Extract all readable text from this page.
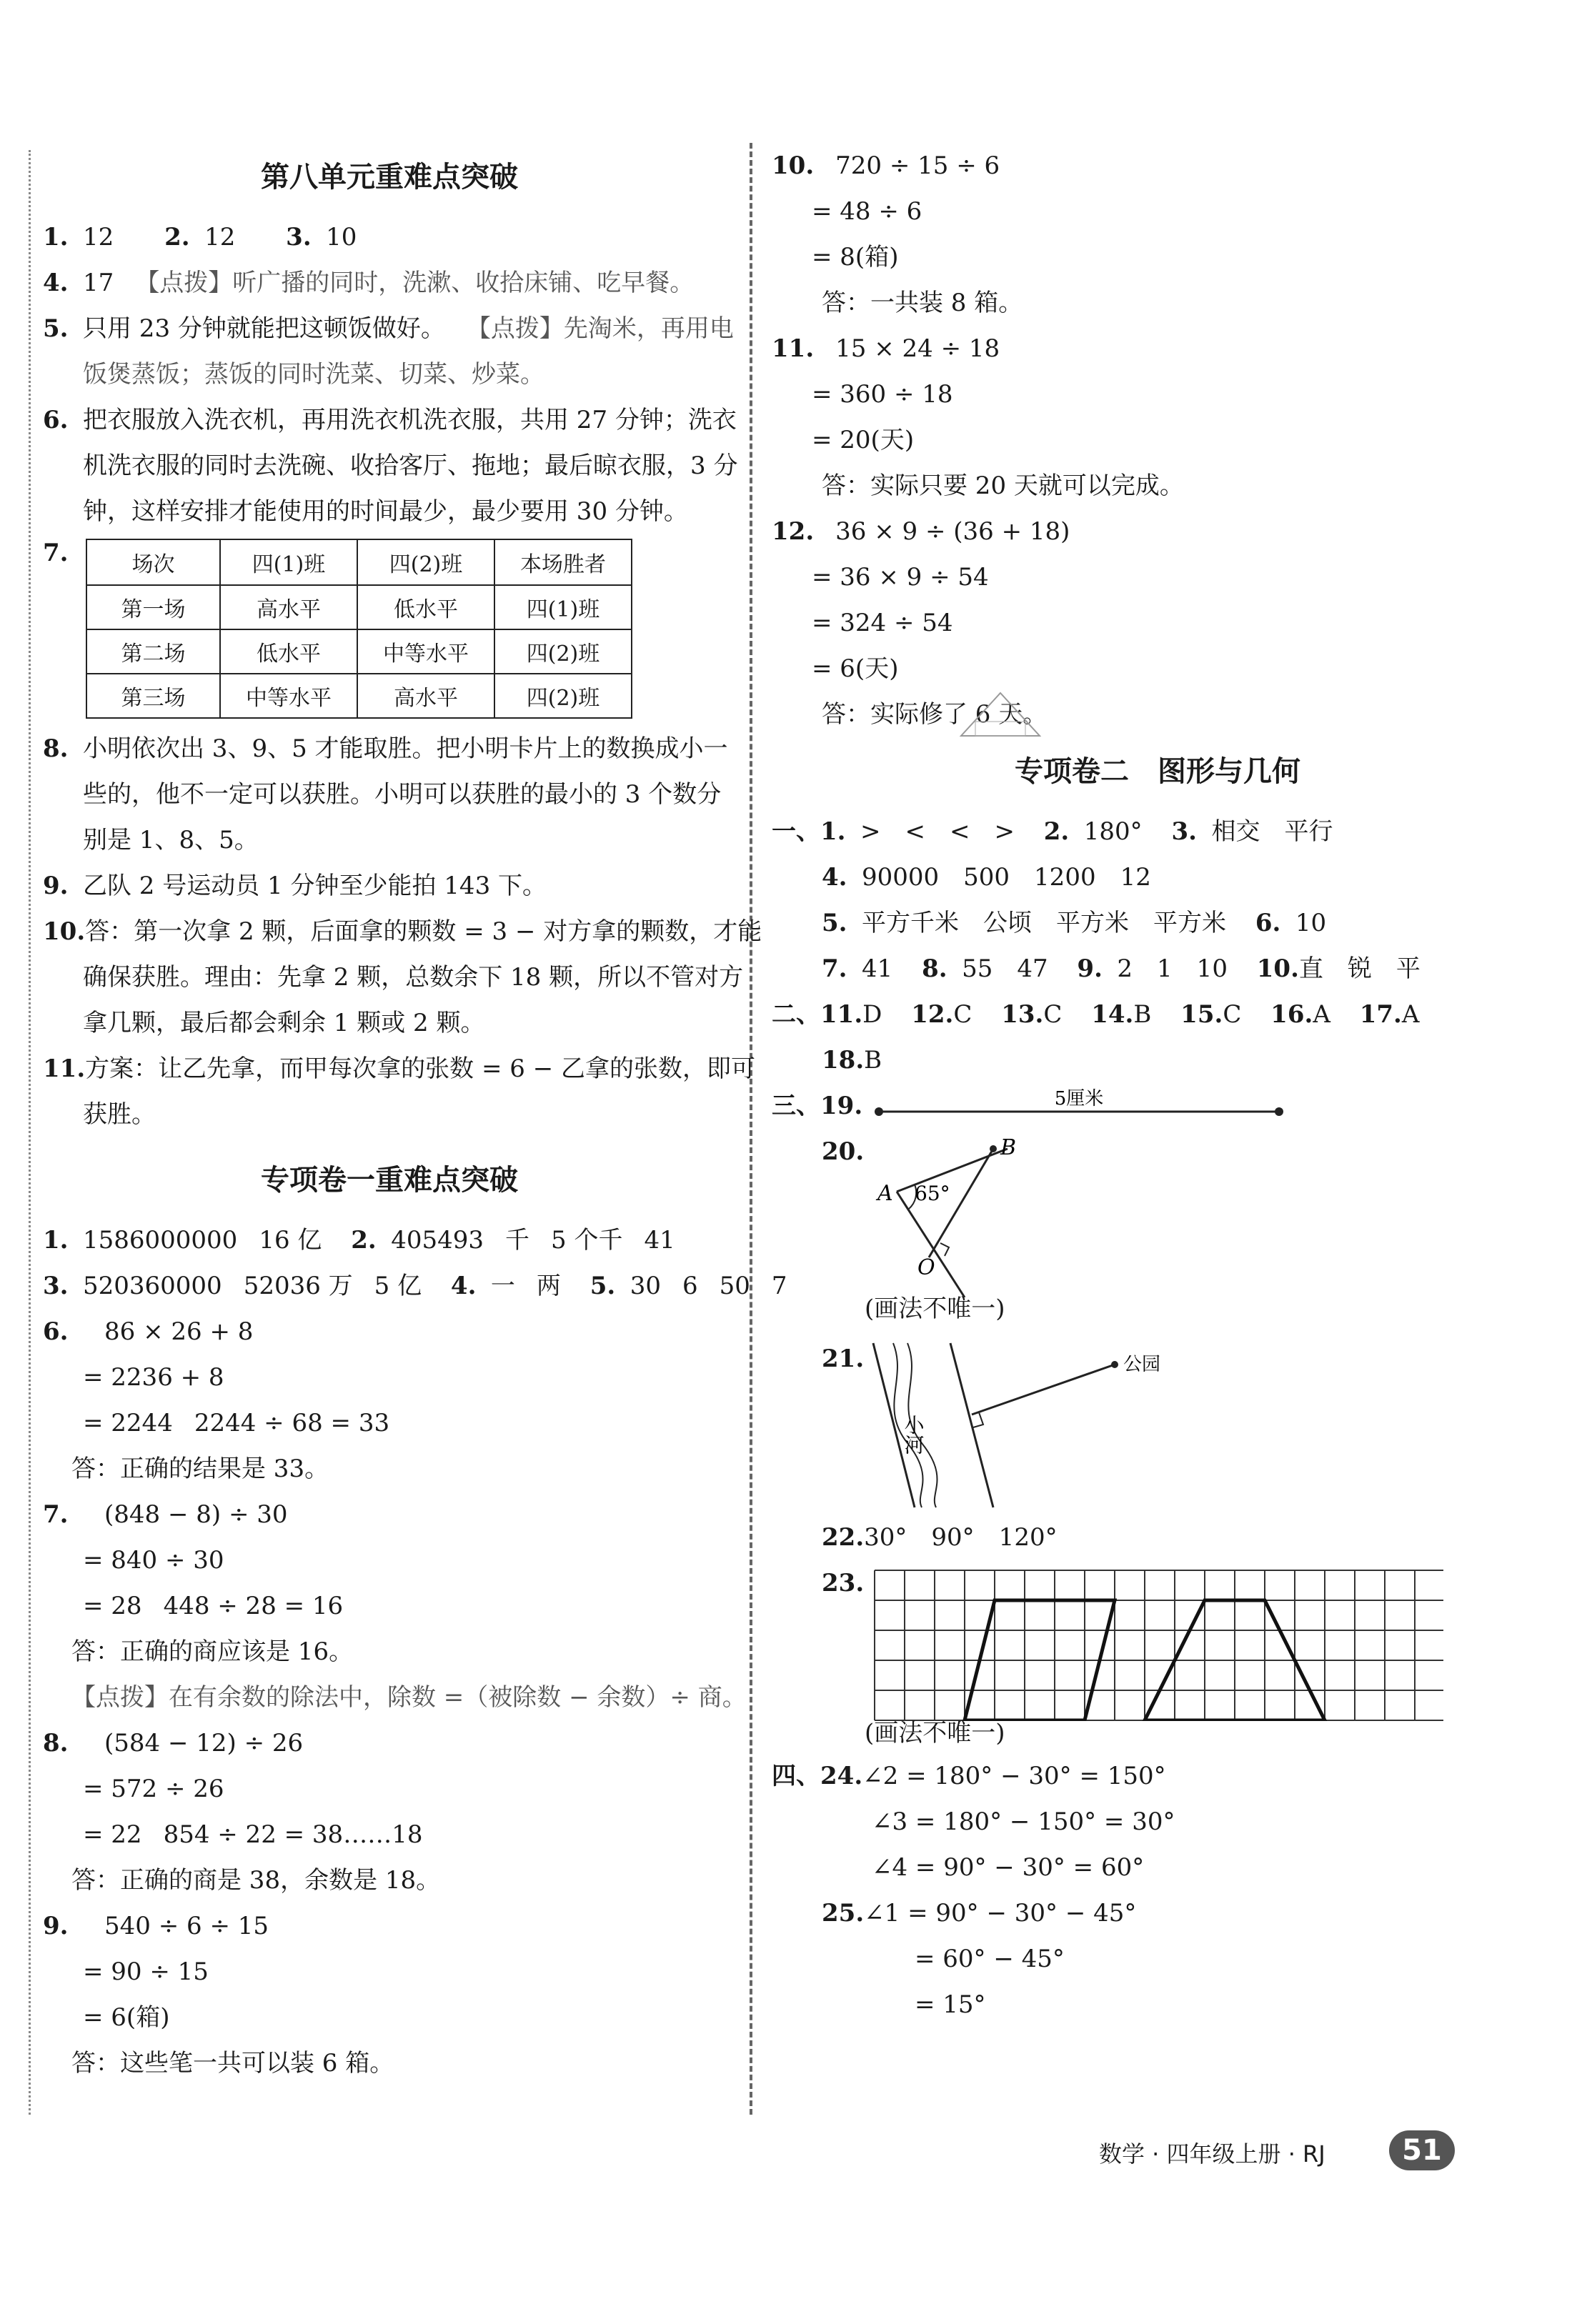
第八单元重难点突破
1. 12 2. 12 3. 10
4. 17 【点拨】听广播的同时，洗漱、收拾床铺、吃早餐。
5. 只用 23 分钟就能把这顿饭做好。 【点拨】先淘米，再用电
饭煲蒸饭；蒸饭的同时洗菜、切菜、炒菜。
6. 把衣服放入洗衣机，再用洗衣机洗衣服，共用 27 分钟；洗衣
机洗衣服的同时去洗碗、收拾客厅、拖地；最后晾衣服，3 分
钟，这样安排才能使用的时间最少，最少要用 30 分钟。
7.	场次	四(1)班	四(2)班	本场胜者
第一场	高水平	低水平	四(1)班
第二场	低水平	中等水平	四(2)班
第三场	中等水平	高水平	四(2)班
8. 小明依次出 3、9、5 才能取胜。把小明卡片上的数换成小一
些的，他不一定可以获胜。小明可以获胜的最小的 3 个数分
别是 1、8、5。
9. 乙队 2 号运动员 1 分钟至少能拍 143 下。
10.答：第一次拿 2 颗，后面拿的颗数 = 3 − 对方拿的颗数，才能
确保获胜。理由：先拿 2 颗，总数余下 18 颗，所以不管对方
拿几颗，最后都会剩余 1 颗或 2 颗。
11.方案：让乙先拿，而甲每次拿的张数 = 6 − 乙拿的张数，即可
获胜。
专项卷一重难点突破
1. 1586000000 16 亿 2. 405493 千 5 个千 41
3. 520360000 52036 万 5 亿 4. 一 两 5. 30 6 50 7
6. 86 × 26 + 8
= 2236 + 8
= 2244 2244 ÷ 68 = 33
答：正确的结果是 33。
7. (848 − 8) ÷ 30
= 840 ÷ 30
= 28 448 ÷ 28 = 16
答：正确的商应该是 16。
【点拨】在有余数的除法中，除数 =（被除数 − 余数）÷ 商。
8. (584 − 12) ÷ 26
= 572 ÷ 26
= 22 854 ÷ 22 = 38……18
答：正确的商是 38，余数是 18。
9. 540 ÷ 6 ÷ 15
= 90 ÷ 15
= 6(箱)
答：这些笔一共可以装 6 箱。
10. 720 ÷ 15 ÷ 6
= 48 ÷ 6
= 8(箱)
答：一共装 8 箱。
11. 15 × 24 ÷ 18
= 360 ÷ 18
= 20(天)
答：实际只要 20 天就可以完成。
12. 36 × 9 ÷ (36 + 18)
= 36 × 9 ÷ 54
= 324 ÷ 54
= 6(天)
答：实际修了 6 天。
专项卷二　图形与几何
一、1. >　<　<　> 2. 180° 3. 相交　平行
4. 90000　500　1200　12
5. 平方千米　公顷　平方米　平方米 6. 10
7. 41 8. 55　47 9. 2　1　10 10.直　锐　平
二、11.D 12.C 13.C 14.B 15.C 16.A 17.A
18.B
三、19.	5厘米
20.
A
B
O
65°
(画法不唯一)
21.
小河
公园
22.30°　90°　120°
23.
(画法不唯一)
四、24.∠2 = 180° − 30° = 150°
∠3 = 180° − 150° = 30°
∠4 = 90° − 30° = 60°
25.∠1 = 90° − 30° − 45°
= 60° − 45°
= 15°
数学 · 四年级上册 · RJ	51
